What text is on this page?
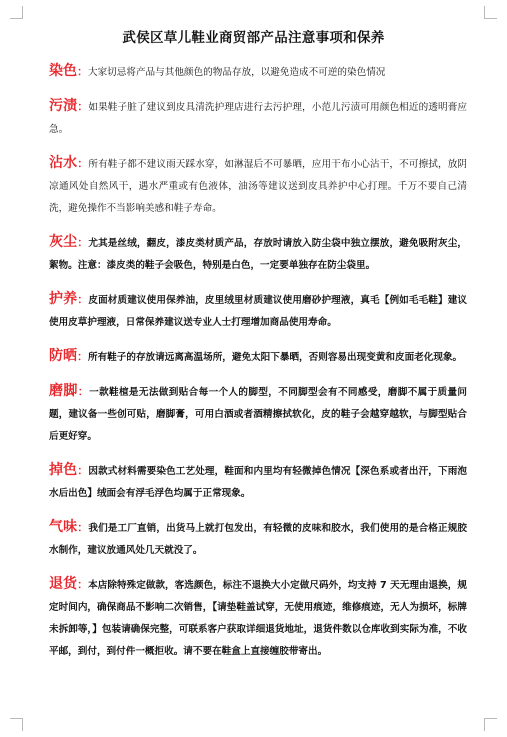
武侯区草儿鞋业商贸部产品注意事项和保养

染色：大家切忌将产品与其他颜色的物品存放，以避免造成不可逆的染色情况

污渍：如果鞋子脏了建议到皮具清洗护理店进行去污护理，小范儿污渍可用颜色相近的透明膏应急。

沾水：所有鞋子都不建议雨天踩水穿，如淋湿后不可暴晒，应用干布小心沾干，不可擦拭，放阴凉通风处自然风干，遇水严重或有色液体，油汤等建议送到皮具养护中心打理。千万不要自己清洗，避免操作不当影响美感和鞋子寿命。

灰尘：尤其是丝绒，翻皮，漆皮类材质产品，存放时请放入防尘袋中独立摆放，避免吸附灰尘，絮物。注意：漆皮类的鞋子会吸色，特别是白色，一定要单独存在防尘袋里。

护养：皮面材质建议使用保养油，皮里绒里材质建议使用磨砂护理液，真毛【例如毛毛鞋】建议使用皮草护理液，日常保养建议送专业人士打理增加商品使用寿命。

防晒：所有鞋子的存放请远离高温场所，避免太阳下暴晒，否则容易出现变黄和皮面老化现象。

磨脚：一款鞋楦是无法做到贴合每一个人的脚型，不同脚型会有不同感受，磨脚不属于质量问题，建议备一些创可贴，磨脚膏，可用白酒或者酒精擦拭软化，皮的鞋子会越穿越软，与脚型贴合后更好穿。

掉色：因款式材料需要染色工艺处理，鞋面和内里均有轻微掉色情况【深色系或者出汗，下雨泡水后出色】绒面会有浮毛浮色均属于正常现象。

气味：我们是工厂直销，出货马上就打包发出，有轻微的皮味和胶水，我们使用的是合格正规胶水制作，建议放通风处几天就没了。

退货：本店除特殊定做款，客选颜色，标注不退换大小定做尺码外，均支持 7 天无理由退换，规定时间内，确保商品不影响二次销售，【请垫鞋盖试穿，无使用痕迹，维修痕迹，无人为损坏，标牌未拆卸等，】包装请确保完整，可联系客户获取详细退货地址，退货件数以仓库收到实际为准，不收平邮，到付，到付件一概拒收。请不要在鞋盒上直接缠胶带寄出。
